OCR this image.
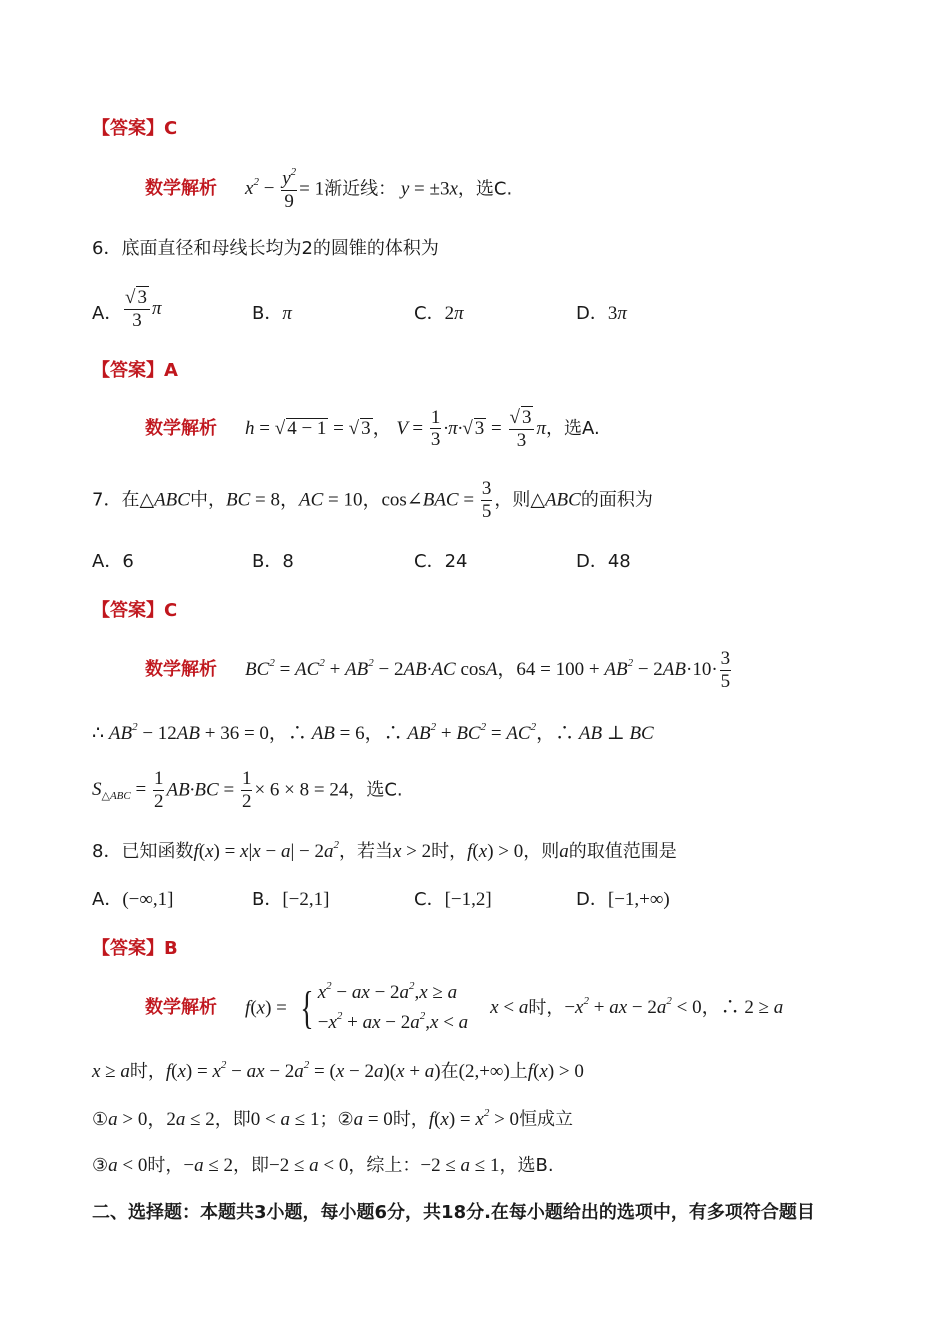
【答案】C
数学解析 $x^2 - \frac{y^2}{9} = 1$渐近线： y = ±3x，选C.
6．底面直径和母线长均为2的圆锥的体积为
A． $\frac{√ 3}{3}$ π	B．π	C．2π	D．3π
【答案】A
数学解析 h = √ 4 − 1 = √ 3 ， $V = \frac{1}{3} \cdot\pi\cdot√$ $3 = \frac{√ 3}{3}$ π，选A.
7．在△ABC中，BC = 8，AC = 10，cos∠BAC = $\frac{3}{5}$ ，则△ABC的面积为
A．6	B．8	C．24	D．48
【答案】C
数学解析 $BC^2 = AC^2 + AB^2 - 2AB\cdot AC$ cosA，$64 = 100 + AB^2 - 2AB\cdot 10\cdot \frac{3}{5}$
∴ $AB^2 - 12AB + 36 = 0$，∴ AB = 6，∴ $AB^2 + BC^2 = AC^2$，∴ AB ⊥ BC
$S_{\triangle ABC} = \frac{1}{2} AB\cdot BC = \frac{1}{2} \times 6 \times 8 = 24$，选C.
8．已知函数$f(x) = x|x - a| - 2a^2$，若当x > 2时，f(x) > 0，则a的取值范围是
A．(−∞,1]	B．[−2,1]	C．[−1,2]	D．[−1,+∞)
【答案】B
数学解析 f(x) = { $x^2$ − ax − $2a^2,x \ge a$
$-x^2$ + ax − $2a^2,x < a$
x < a时，$-x^2$ + ax − $2a^2 < 0$，∴ 2 ≥ a
x ≥ a时，$f(x) = x^2$ − ax − $2a^2 = (x - 2a)(x + a)$在(2,+∞)上f(x) > 0
①a > 0，2a ≤ 2，即0 < a ≤ 1；②a = 0时，$f(x) = x^2 > 0$恒成立
③a < 0时，−a ≤ 2，即−2 ≤ a < 0，综上：−2 ≤ a ≤ 1，选B.
二、选择题：本题共3小题，每小题6分，共18分.在每小题给出的选项中，有多项符合题目
